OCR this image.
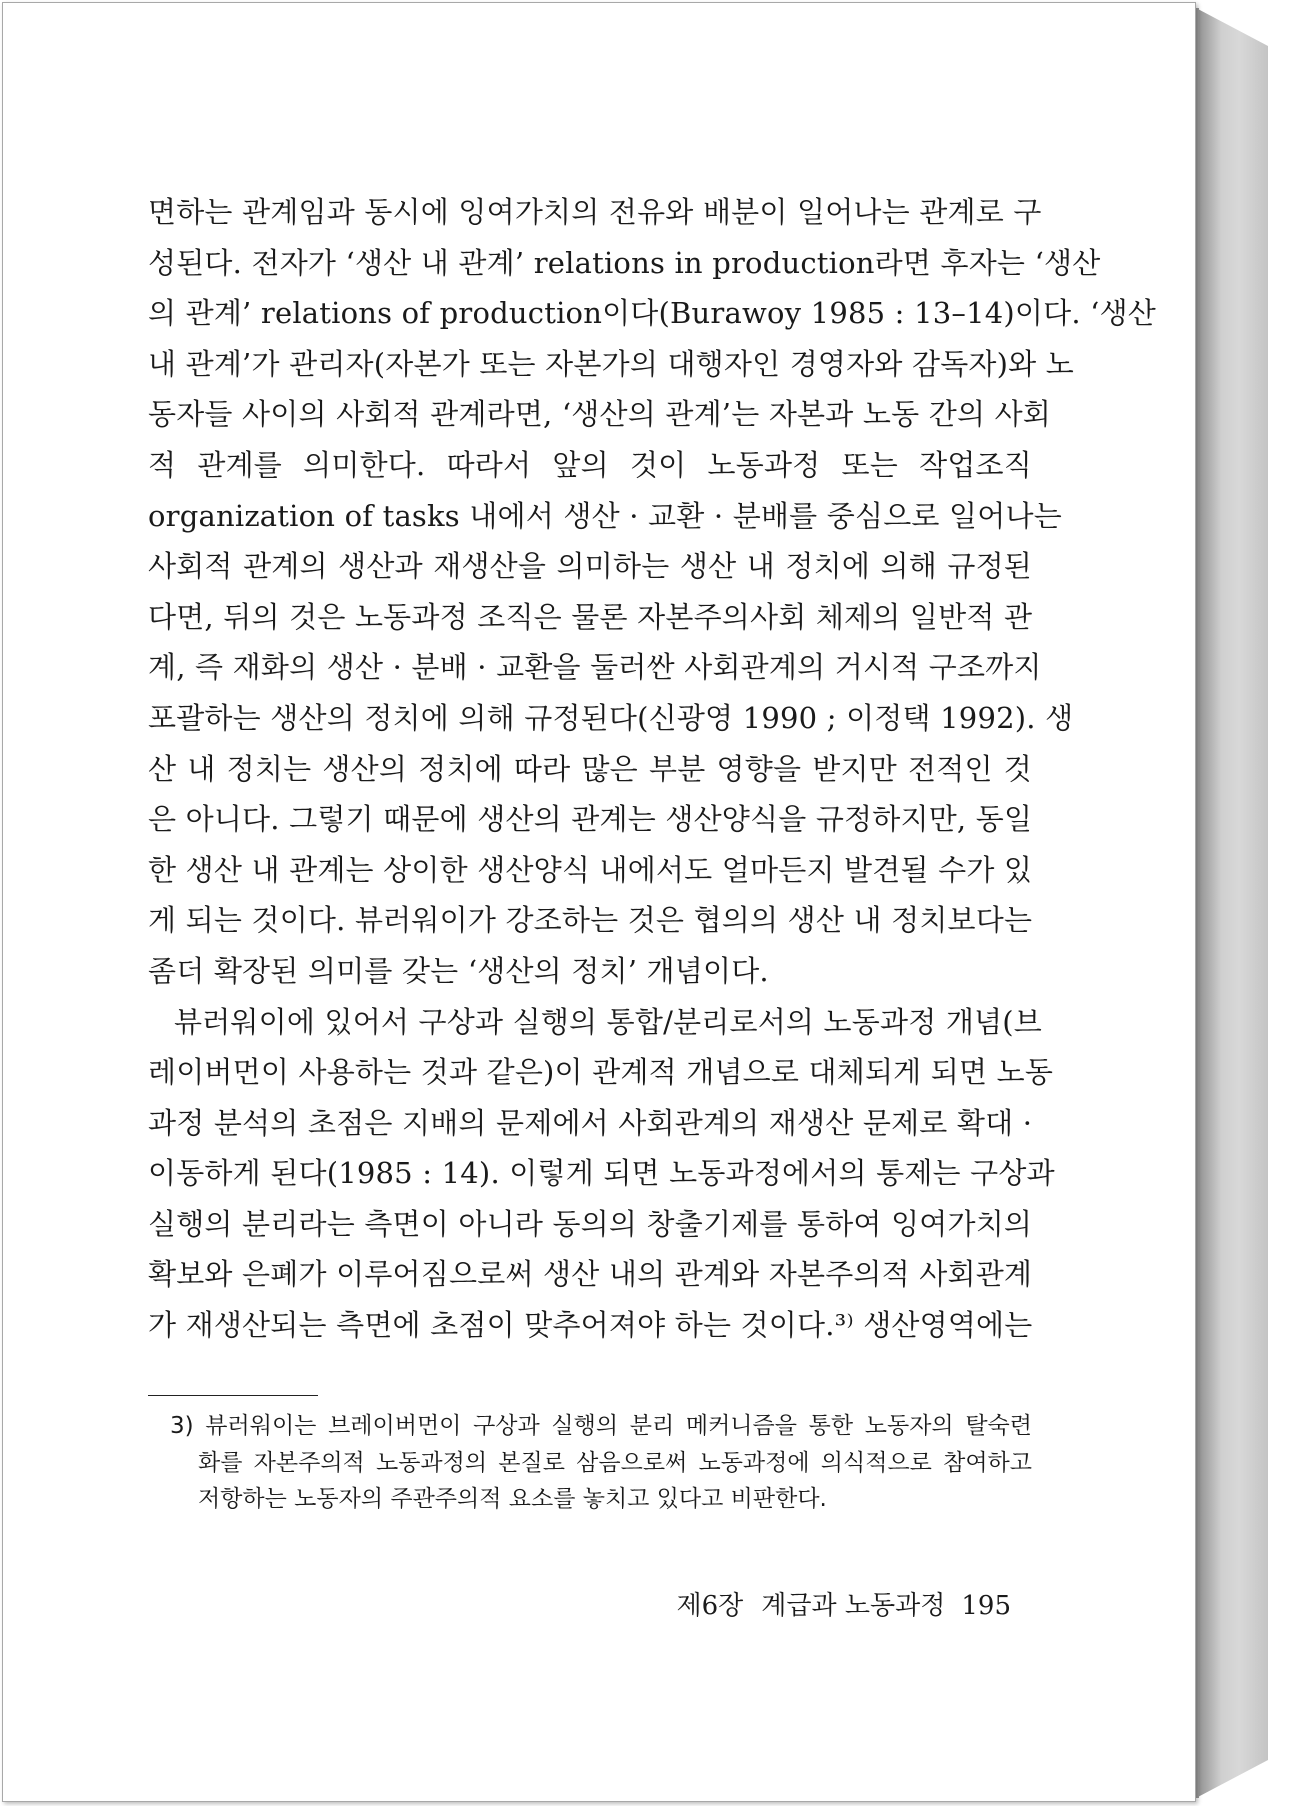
면하는 관계임과 동시에 잉여가치의 전유와 배분이 일어나는 관계로 구
성된다. 전자가 ‘생산 내 관계’ relations in production라면 후자는 ‘생산
의 관계’ relations of production이다(Burawoy 1985 : 13–14)이다. ‘생산
내 관계’가 관리자(자본가 또는 자본가의 대행자인 경영자와 감독자)와 노
동자들 사이의 사회적 관계라면, ‘생산의 관계’는 자본과 노동 간의 사회
적 관계를 의미한다. 따라서 앞의 것이 노동과정 또는 작업조직
organization of tasks 내에서 생산 · 교환 · 분배를 중심으로 일어나는
사회적 관계의 생산과 재생산을 의미하는 생산 내 정치에 의해 규정된
다면, 뒤의 것은 노동과정 조직은 물론 자본주의사회 체제의 일반적 관
계, 즉 재화의 생산 · 분배 · 교환을 둘러싼 사회관계의 거시적 구조까지
포괄하는 생산의 정치에 의해 규정된다(신광영 1990 ; 이정택 1992). 생
산 내 정치는 생산의 정치에 따라 많은 부분 영향을 받지만 전적인 것
은 아니다. 그렇기 때문에 생산의 관계는 생산양식을 규정하지만, 동일
한 생산 내 관계는 상이한 생산양식 내에서도 얼마든지 발견될 수가 있
게 되는 것이다. 뷰러워이가 강조하는 것은 협의의 생산 내 정치보다는
좀더 확장된 의미를 갖는 ‘생산의 정치’ 개념이다.
뷰러워이에 있어서 구상과 실행의 통합/분리로서의 노동과정 개념(브
레이버먼이 사용하는 것과 같은)이 관계적 개념으로 대체되게 되면 노동
과정 분석의 초점은 지배의 문제에서 사회관계의 재생산 문제로 확대 ·
이동하게 된다(1985 : 14). 이렇게 되면 노동과정에서의 통제는 구상과
실행의 분리라는 측면이 아니라 동의의 창출기제를 통하여 잉여가치의
확보와 은폐가 이루어짐으로써 생산 내의 관계와 자본주의적 사회관계
가 재생산되는 측면에 초점이 맞추어져야 하는 것이다.³⁾ 생산영역에는
3) 뷰러워이는 브레이버먼이 구상과 실행의 분리 메커니즘을 통한 노동자의 탈숙련
화를 자본주의적 노동과정의 본질로 삼음으로써 노동과정에 의식적으로 참여하고
저항하는 노동자의 주관주의적 요소를 놓치고 있다고 비판한다.
제6장 계급과 노동과정 195
